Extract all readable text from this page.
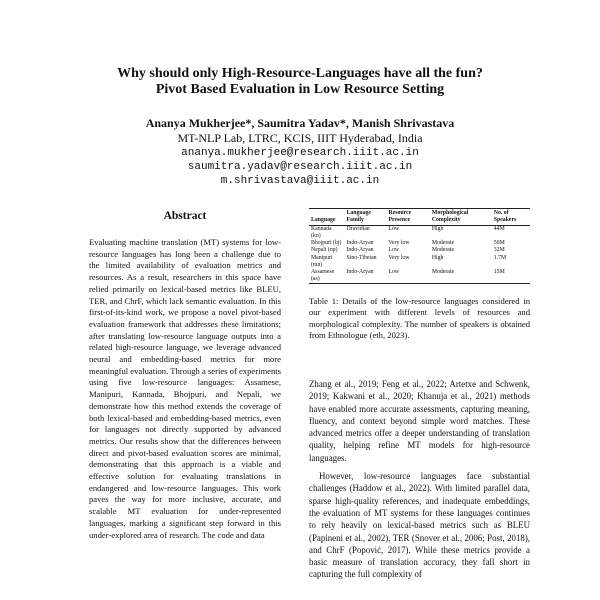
Why should only High-Resource-Languages have all the fun?
Pivot Based Evaluation in Low Resource Setting
Ananya Mukherjee*, Saumitra Yadav*, Manish Shrivastava
MT-NLP Lab, LTRC, KCIS, IIIT Hyderabad, India
ananya.mukherjee@research.iiit.ac.in
saumitra.yadav@research.iiit.ac.in
m.shrivastava@iiit.ac.in
Abstract
Evaluating machine translation (MT) systems for low-resource languages has long been a challenge due to the limited availability of evaluation metrics and resources. As a result, researchers in this space have relied primarily on lexical-based metrics like BLEU, TER, and ChrF, which lack semantic evaluation. In this first-of-its-kind work, we propose a novel pivot-based evaluation framework that addresses these limitations; after translating low-resource language outputs into a related high-resource language, we leverage advanced neural and embedding-based metrics for more meaningful evaluation. Through a series of experiments using five low-resource languages: Assamese, Manipuri, Kannada, Bhojpuri, and Nepali, we demonstrate how this method extends the coverage of both lexical-based and embedding-based metrics, even for languages not directly supported by advanced metrics. Our results show that the differences between direct and pivot-based evaluation scores are minimal, demonstrating that this approach is a viable and effective solution for evaluating translations in endangered and low-resource languages. This work paves the way for more inclusive, accurate, and scalable MT evaluation for under-represented languages, marking a significant step forward in this under-explored area of research. The code and data
Language	Language Family	Resource Presence	Morphological Complexity	No. of Speakers
Kannada (kn)	Dravidian	Low	High	44M
Bhojpuri (bj)	Indo-Aryan	Very low	Moderate	50M
Nepali (np)	Indo-Aryan	Low	Moderate	32M
Manipuri (mn)	Sino-Tibetan	Very low	High	1.7M
Assamese (as)	Indo-Aryan	Low	Moderate	15M
Table 1: Details of the low-resource languages considered in our experiment with different levels of resources and morphological complexity. The number of speakers is obtained from Ethnologue (eth, 2023).

Zhang et al., 2019; Feng et al., 2022; Artetxe and Schwenk, 2019; Kakwani et al., 2020; Khanuja et al., 2021) methods have enabled more accurate assessments, capturing meaning, fluency, and context beyond simple word matches. These advanced metrics offer a deeper understanding of translation quality, helping refine MT models for high-resource languages.

However, low-resource languages face substantial challenges (Haddow et al., 2022). With limited parallel data, sparse high-quality references, and inadequate embeddings, the evaluation of MT systems for these languages continues to rely heavily on lexical-based metrics such as BLEU (Papineni et al., 2002), TER (Snover et al., 2006; Post, 2018), and ChrF (Popović, 2017). While these metrics provide a basic measure of translation accuracy, they fall short in capturing the full complexity of
